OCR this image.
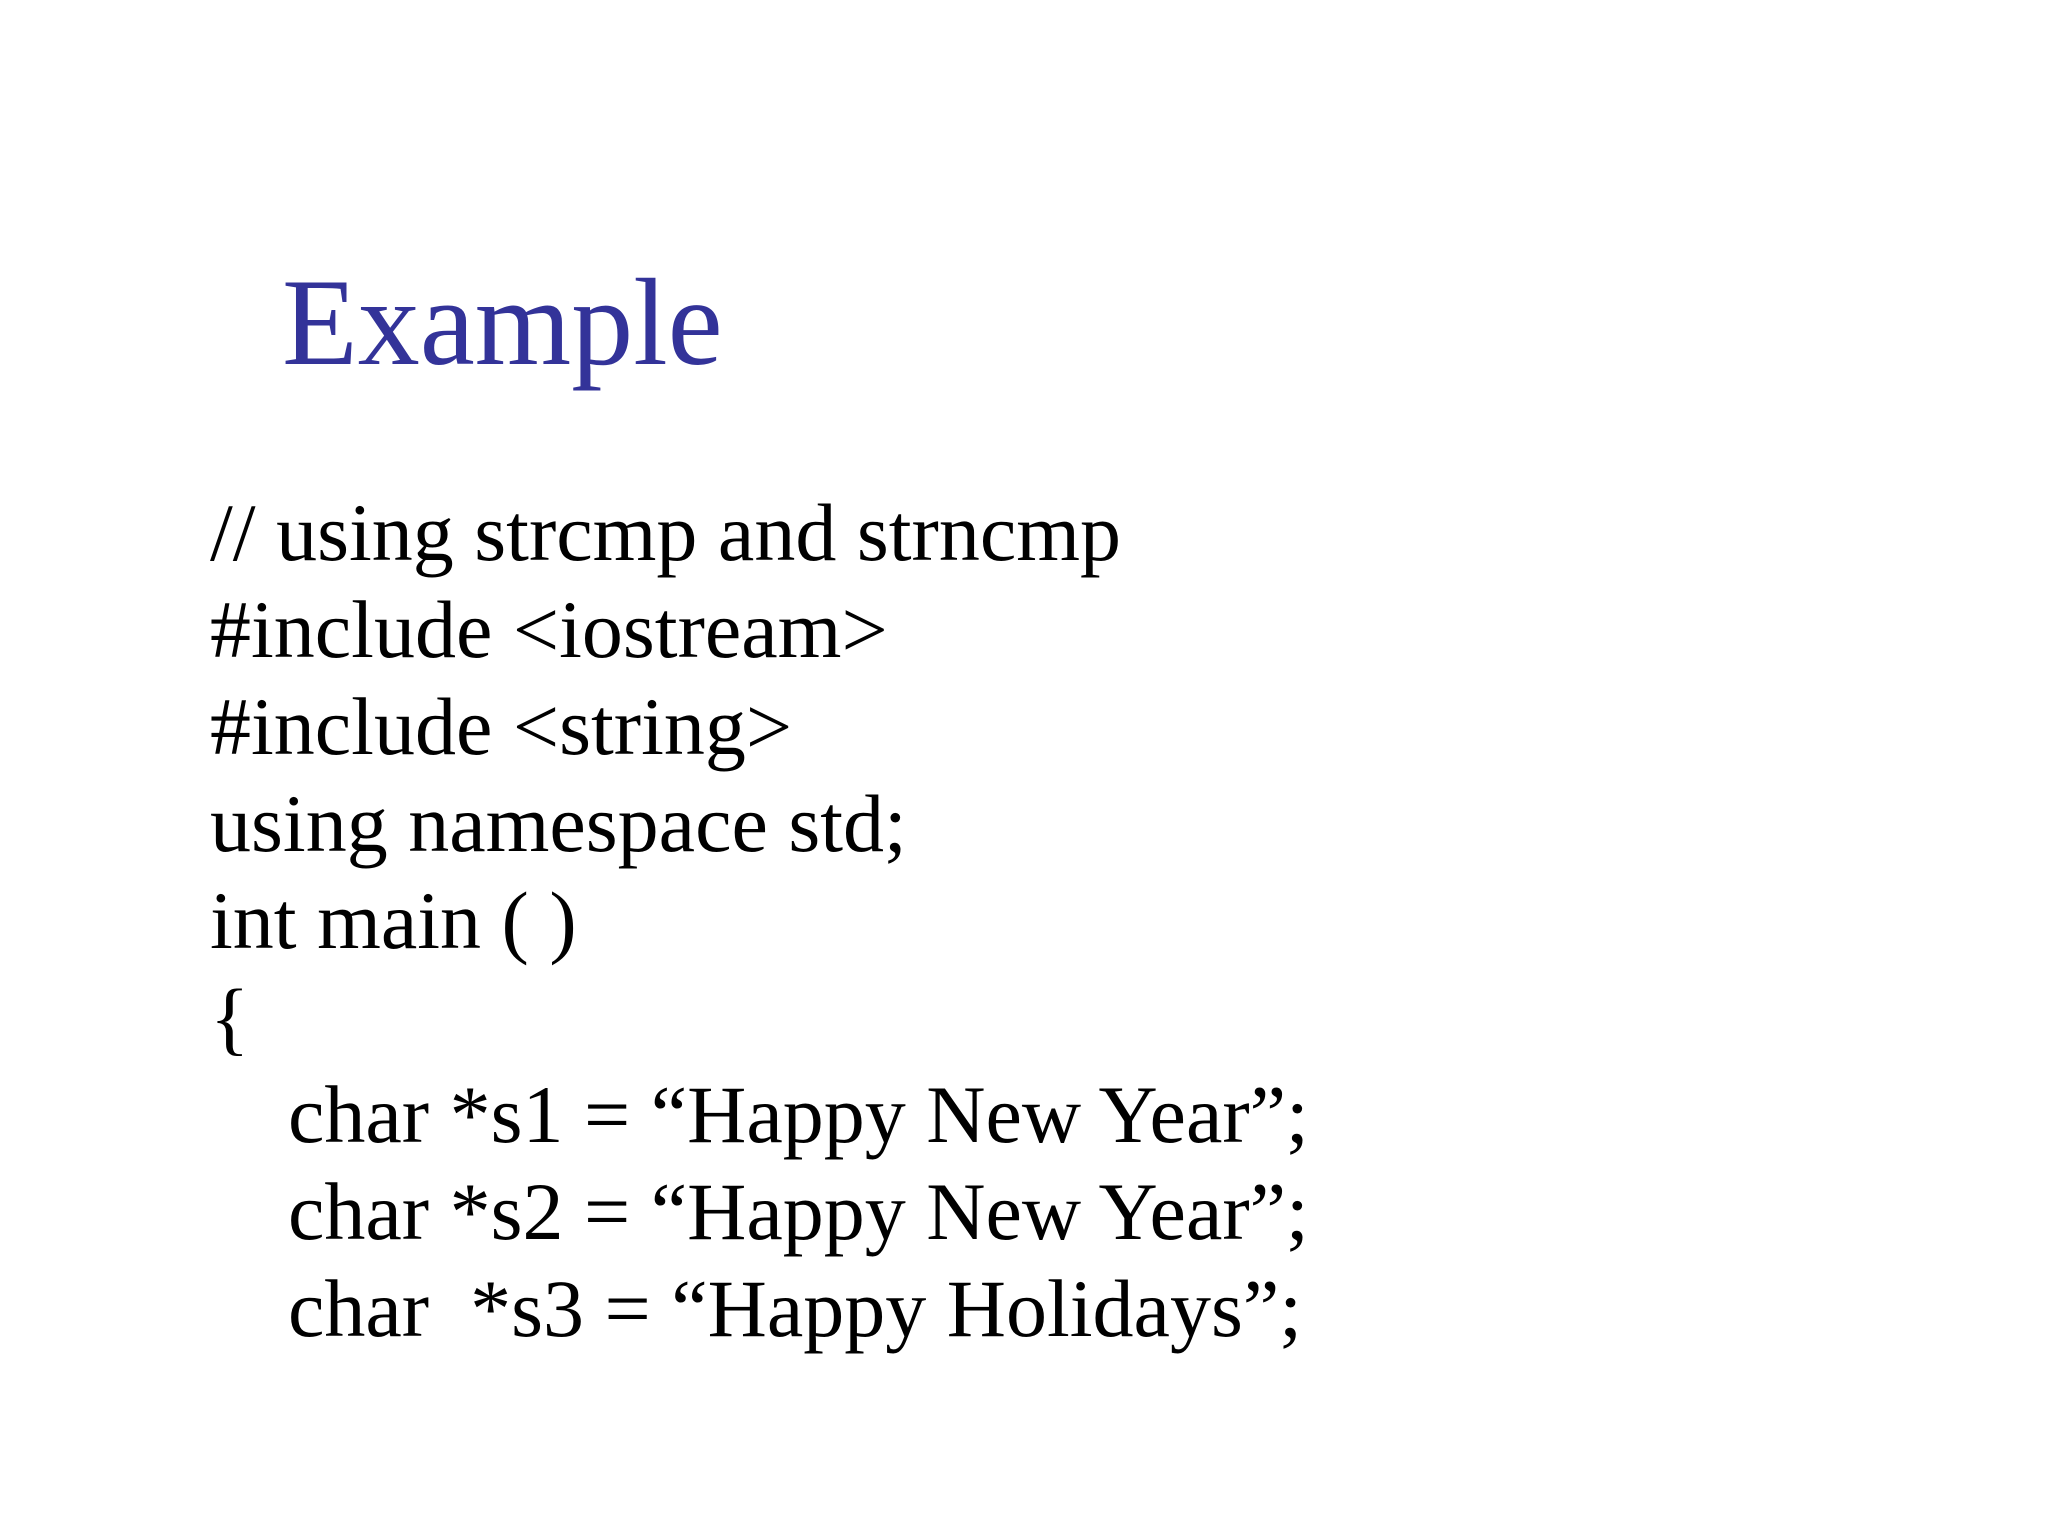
Example
// using strcmp and strncmp
#include <iostream>
#include <string>
using namespace std;
int main ( )
{
char *s1 = “Happy New Year”;
char *s2 = “Happy New Year”;
char  *s3 = “Happy Holidays”;
